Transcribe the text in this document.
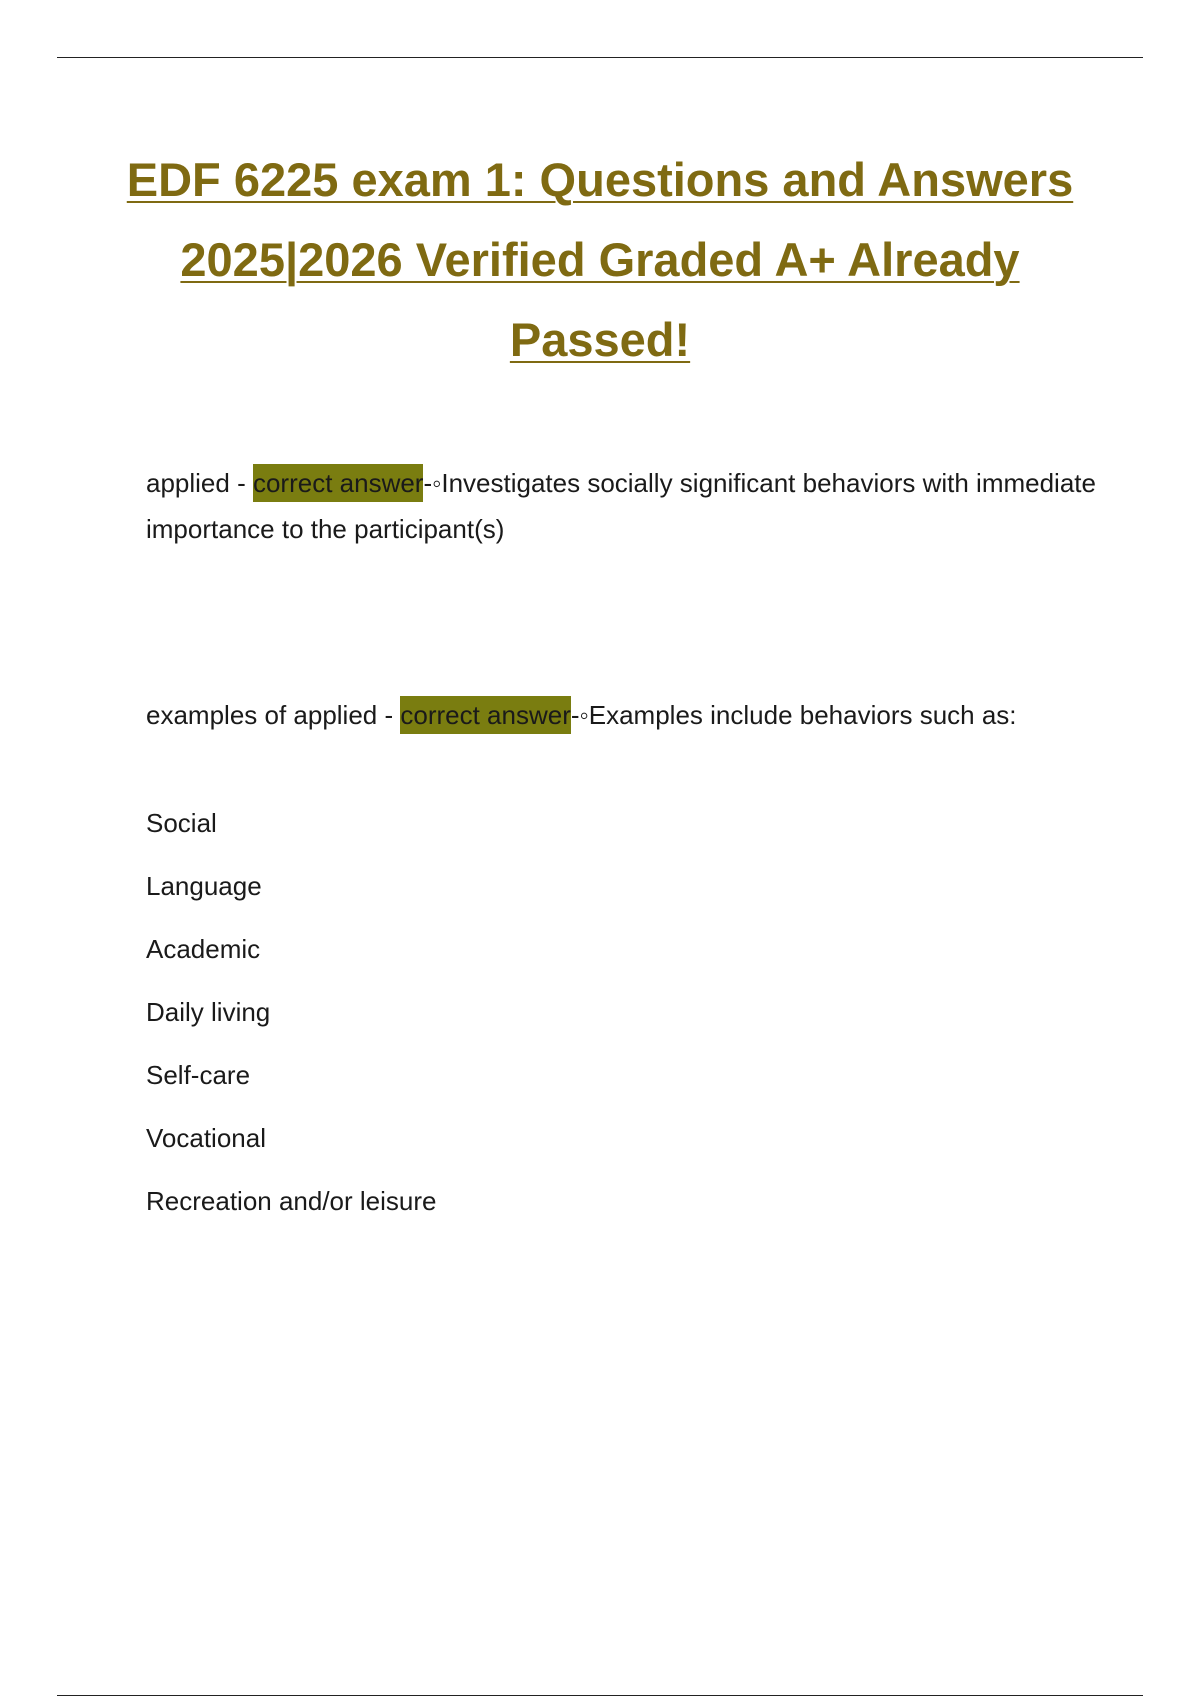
EDF 6225 exam 1: Questions and Answers 2025|2026 Verified Graded A+ Already Passed!

applied - correct answer-◦Investigates socially significant behaviors with immediate importance to the participant(s)

examples of applied - correct answer-◦Examples include behaviors such as:

Social
Language
Academic
Daily living
Self-care
Vocational
Recreation and/or leisure
